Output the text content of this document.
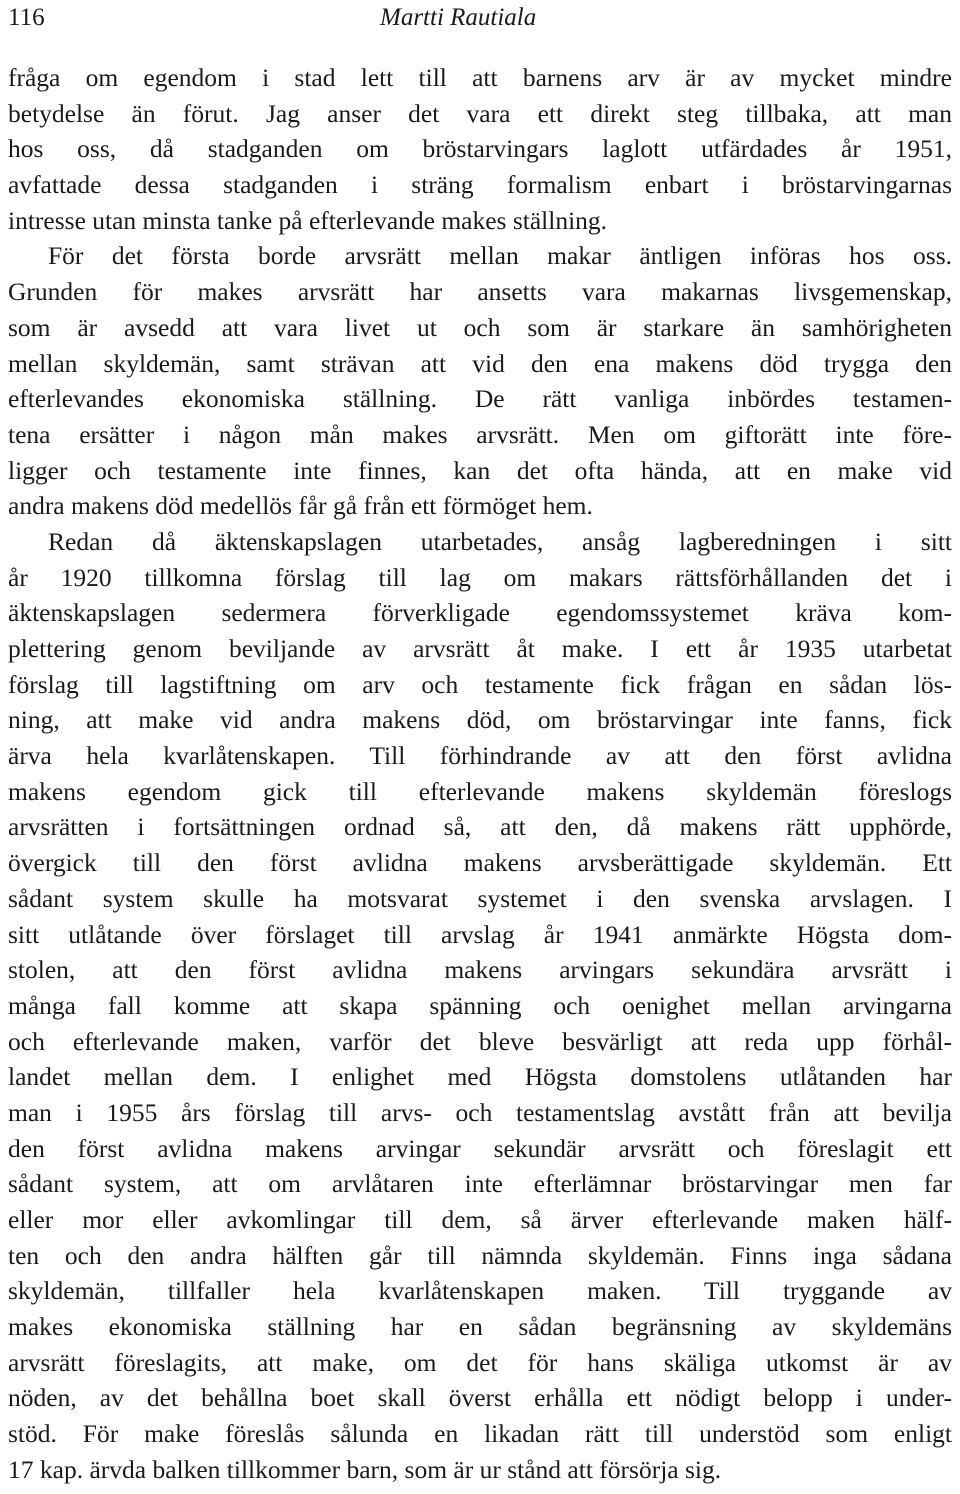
116	Martti Rautiala
fråga om egendom i stad lett till att barnens arv är av mycket mindre
betydelse än förut. Jag anser det vara ett direkt steg tillbaka, att man
hos oss, då stadganden om bröstarvingars laglott utfärdades år 1951,
avfattade dessa stadganden i sträng formalism enbart i bröstarvingarnas
intresse utan minsta tanke på efterlevande makes ställning.
För det första borde arvsrätt mellan makar äntligen införas hos oss.
Grunden för makes arvsrätt har ansetts vara makarnas livsgemenskap,
som är avsedd att vara livet ut och som är starkare än samhörigheten
mellan skyldemän, samt strävan att vid den ena makens död trygga den
efterlevandes ekonomiska ställning. De rätt vanliga inbördes testamen-
tena ersätter i någon mån makes arvsrätt. Men om giftorätt inte före-
ligger och testamente inte finnes, kan det ofta hända, att en make vid
andra makens död medellös får gå från ett förmöget hem.
Redan då äktenskapslagen utarbetades, ansåg lagberedningen i sitt
år 1920 tillkomna förslag till lag om makars rättsförhållanden det i
äktenskapslagen sedermera förverkligade egendomssystemet kräva kom-
plettering genom beviljande av arvsrätt åt make. I ett år 1935 utarbetat
förslag till lagstiftning om arv och testamente fick frågan en sådan lös-
ning, att make vid andra makens död, om bröstarvingar inte fanns, fick
ärva hela kvarlåtenskapen. Till förhindrande av att den först avlidna
makens egendom gick till efterlevande makens skyldemän föreslogs
arvsrätten i fortsättningen ordnad så, att den, då makens rätt upphörde,
övergick till den först avlidna makens arvsberättigade skyldemän. Ett
sådant system skulle ha motsvarat systemet i den svenska arvslagen. I
sitt utlåtande över förslaget till arvslag år 1941 anmärkte Högsta dom-
stolen, att den först avlidna makens arvingars sekundära arvsrätt i
många fall komme att skapa spänning och oenighet mellan arvingarna
och efterlevande maken, varför det bleve besvärligt att reda upp förhål-
landet mellan dem. I enlighet med Högsta domstolens utlåtanden har
man i 1955 års förslag till arvs- och testamentslag avstått från att bevilja
den först avlidna makens arvingar sekundär arvsrätt och föreslagit ett
sådant system, att om arvlåtaren inte efterlämnar bröstarvingar men far
eller mor eller avkomlingar till dem, så ärver efterlevande maken hälf-
ten och den andra hälften går till nämnda skyldemän. Finns inga sådana
skyldemän, tillfaller hela kvarlåtenskapen maken. Till tryggande av
makes ekonomiska ställning har en sådan begränsning av skyldemäns
arvsrätt föreslagits, att make, om det för hans skäliga utkomst är av
nöden, av det behållna boet skall överst erhålla ett nödigt belopp i under-
stöd. För make föreslås sålunda en likadan rätt till understöd som enligt
17 kap. ärvda balken tillkommer barn, som är ur stånd att försörja sig.
